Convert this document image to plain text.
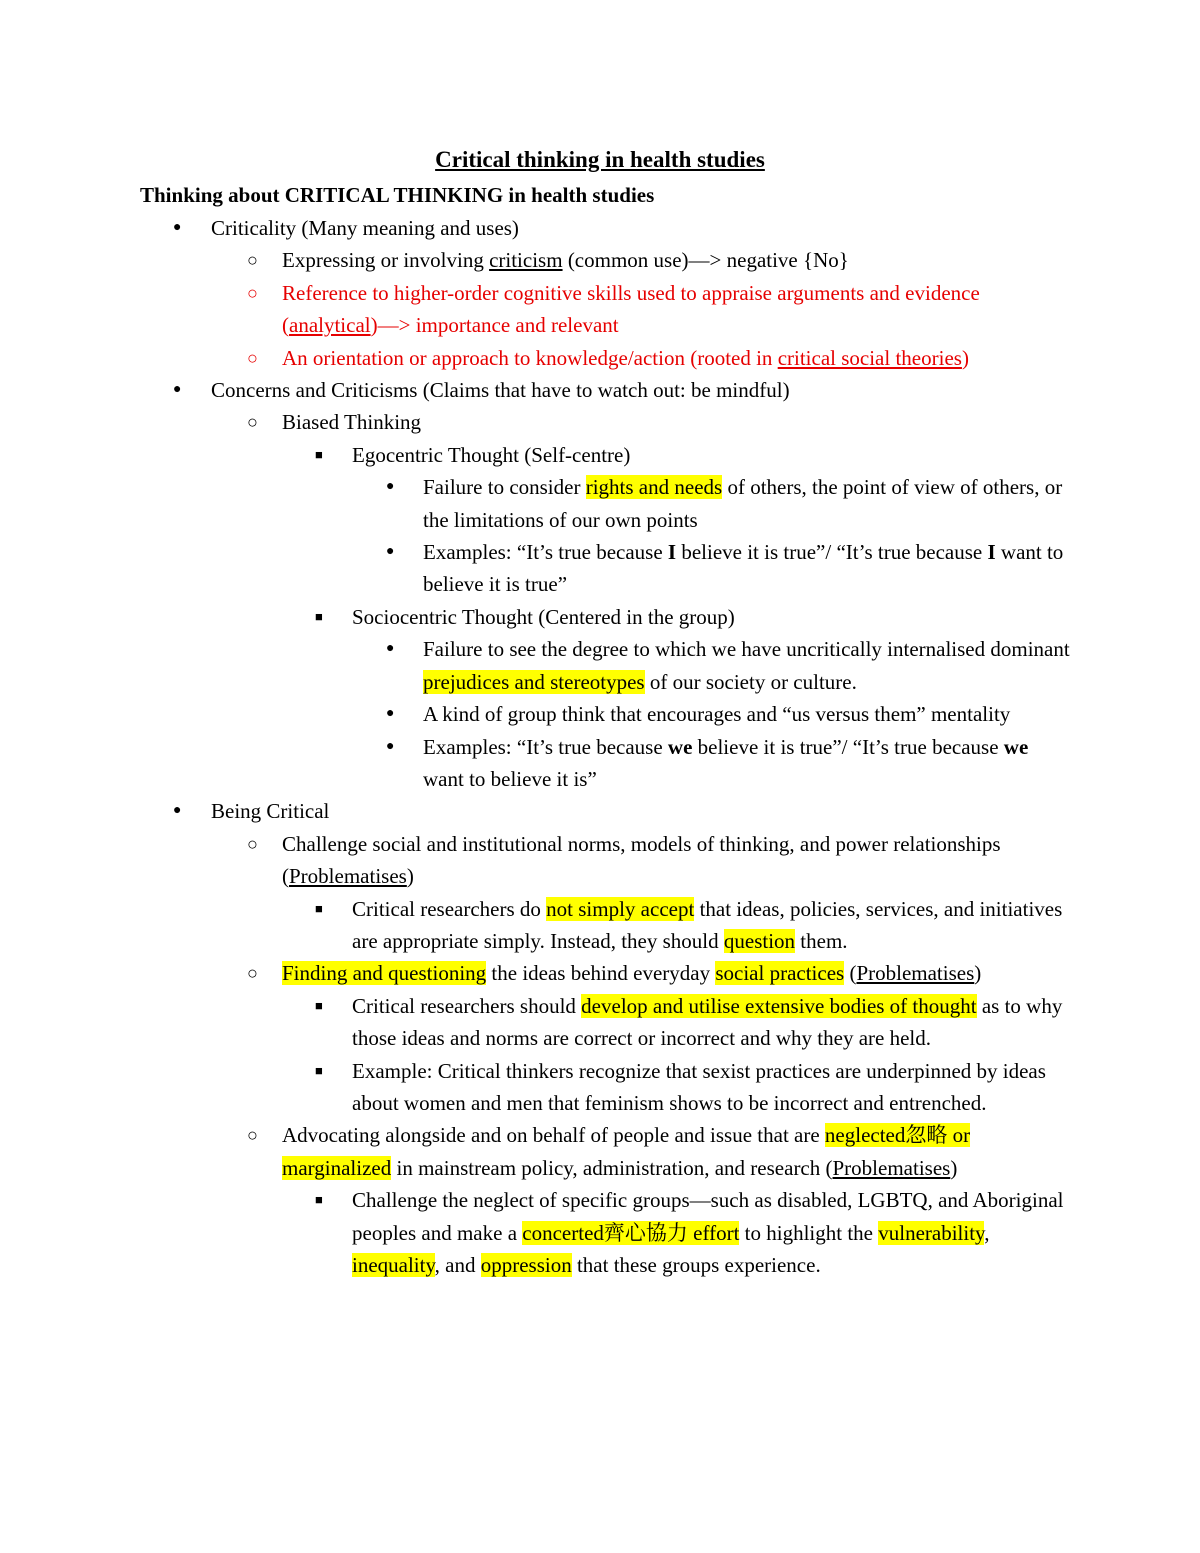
Critical thinking in health studies
Thinking about CRITICAL THINKING in health studies
● Criticality (Many meaning and uses)
○ Expressing or involving criticism (common use)—> negative {No}
○ Reference to higher-order cognitive skills used to appraise arguments and evidence (analytical)—> importance and relevant
○ An orientation or approach to knowledge/action (rooted in critical social theories)
● Concerns and Criticisms (Claims that have to watch out: be mindful)
○ Biased Thinking
■ Egocentric Thought (Self-centre)
● Failure to consider rights and needs of others, the point of view of others, or the limitations of our own points
● Examples: “It’s true because I believe it is true”/ “It’s true because I want to believe it is true”
■ Sociocentric Thought (Centered in the group)
● Failure to see the degree to which we have uncritically internalised dominant prejudices and stereotypes of our society or culture.
● A kind of group think that encourages and “us versus them” mentality
● Examples: “It’s true because we believe it is true”/ “It’s true because we want to believe it is”
● Being Critical
○ Challenge social and institutional norms, models of thinking, and power relationships (Problematises)
■ Critical researchers do not simply accept that ideas, policies, services, and initiatives are appropriate simply. Instead, they should question them.
○ Finding and questioning the ideas behind everyday social practices (Problematises)
■ Critical researchers should develop and utilise extensive bodies of thought as to why those ideas and norms are correct or incorrect and why they are held.
■ Example: Critical thinkers recognize that sexist practices are underpinned by ideas about women and men that feminism shows to be incorrect and entrenched.
○ Advocating alongside and on behalf of people and issue that are neglected忽略 or marginalized in mainstream policy, administration, and research (Problematises)
■ Challenge the neglect of specific groups—such as disabled, LGBTQ, and Aboriginal peoples and make a concerted齊心協力 effort to highlight the vulnerability, inequality, and oppression that these groups experience.
